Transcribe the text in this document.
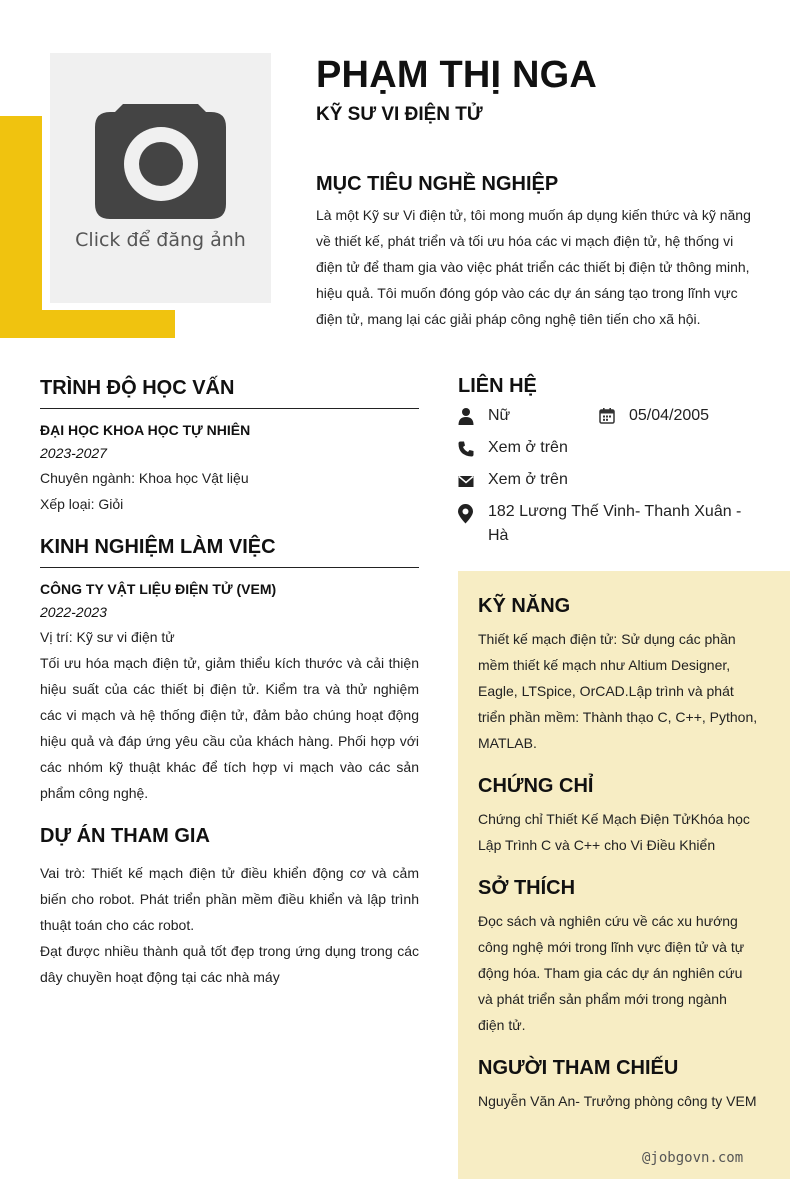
Click để đăng ảnh
PHẠM THỊ NGA
KỸ SƯ VI ĐIỆN TỬ
MỤC TIÊU NGHỀ NGHIỆP
Là một Kỹ sư Vi điện tử, tôi mong muốn áp dụng kiến thức và kỹ năng
về thiết kế, phát triển và tối ưu hóa các vi mạch điện tử, hệ thống vi
điện tử để tham gia vào việc phát triển các thiết bị điện tử thông minh,
hiệu quả. Tôi muốn đóng góp vào các dự án sáng tạo trong lĩnh vực
điện tử, mang lại các giải pháp công nghệ tiên tiến cho xã hội.
TRÌNH ĐỘ HỌC VẤN
ĐẠI HỌC KHOA HỌC TỰ NHIÊN
2023-2027
Chuyên ngành: Khoa học Vật liệu
Xếp loại: Giỏi
KINH NGHIỆM LÀM VIỆC
CÔNG TY VẬT LIỆU ĐIỆN TỬ (VEM)
2022-2023
Vị trí: Kỹ sư vi điện tử
Tối ưu hóa mạch điện tử, giảm thiểu kích thước và cải thiện
hiệu suất của các thiết bị điện tử. Kiểm tra và thử nghiệm
các vi mạch và hệ thống điện tử, đảm bảo chúng hoạt động
hiệu quả và đáp ứng yêu cầu của khách hàng. Phối hợp với
các nhóm kỹ thuật khác để tích hợp vi mạch vào các sản
phẩm công nghệ.
DỰ ÁN THAM GIA
Vai trò: Thiết kế mạch điện tử điều khiển động cơ và cảm
biến cho robot. Phát triển phần mềm điều khiển và lập trình
thuật toán cho các robot.
Đạt được nhiều thành quả tốt đẹp trong ứng dụng trong các
dây chuyền hoạt động tại các nhà máy
LIÊN HỆ
Nữ	05/04/2005
Xem ở trên
Xem ở trên
182 Lương Thế Vinh- Thanh Xuân -
Hà
KỸ NĂNG
Thiết kế mạch điện tử: Sử dụng các phần
mềm thiết kế mạch như Altium Designer,
Eagle, LTSpice, OrCAD.Lập trình và phát
triển phần mềm: Thành thạo C, C++, Python,
MATLAB.
CHỨNG CHỈ
Chứng chỉ Thiết Kế Mạch Điện TửKhóa học
Lập Trình C và C++ cho Vi Điều Khiển
SỞ THÍCH
Đọc sách và nghiên cứu về các xu hướng
công nghệ mới trong lĩnh vực điện tử và tự
động hóa. Tham gia các dự án nghiên cứu
và phát triển sản phẩm mới trong ngành
điện tử.
NGƯỜI THAM CHIẾU
Nguyễn Văn An- Trưởng phòng công ty VEM
@jobgovn.com
